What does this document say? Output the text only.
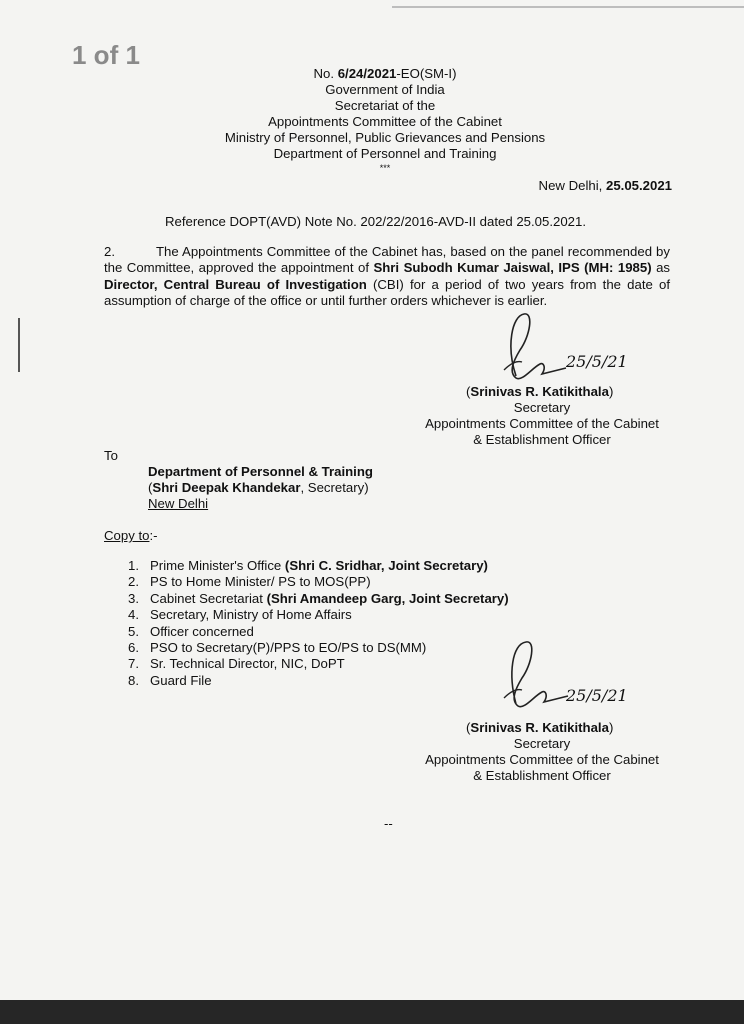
1 of 1
No. 6/24/2021-EO(SM-I)
Government of India
Secretariat of the
Appointments Committee of the Cabinet
Ministry of Personnel, Public Grievances and Pensions
Department of Personnel and Training
***
New Delhi, 25.05.2021
Reference DOPT(AVD) Note No. 202/22/2016-AVD-II dated 25.05.2021.
2.	The Appointments Committee of the Cabinet has, based on the panel recommended by the Committee, approved the appointment of Shri Subodh Kumar Jaiswal, IPS (MH: 1985) as Director, Central Bureau of Investigation (CBI) for a period of two years from the date of assumption of charge of the office or until further orders whichever is earlier.
25/5/21
(Srinivas R. Katikithala)
Secretary
Appointments Committee of the Cabinet
& Establishment Officer
To
Department of Personnel & Training
(Shri Deepak Khandekar, Secretary)
New Delhi
Copy to:-
1. Prime Minister's Office (Shri C. Sridhar, Joint Secretary)
2. PS to Home Minister/ PS to MOS(PP)
3. Cabinet Secretariat (Shri Amandeep Garg, Joint Secretary)
4. Secretary, Ministry of Home Affairs
5. Officer concerned
6. PSO to Secretary(P)/PPS to EO/PS to DS(MM)
7. Sr. Technical Director, NIC, DoPT
8. Guard File
25/5/21
(Srinivas R. Katikithala)
Secretary
Appointments Committee of the Cabinet
& Establishment Officer
--
